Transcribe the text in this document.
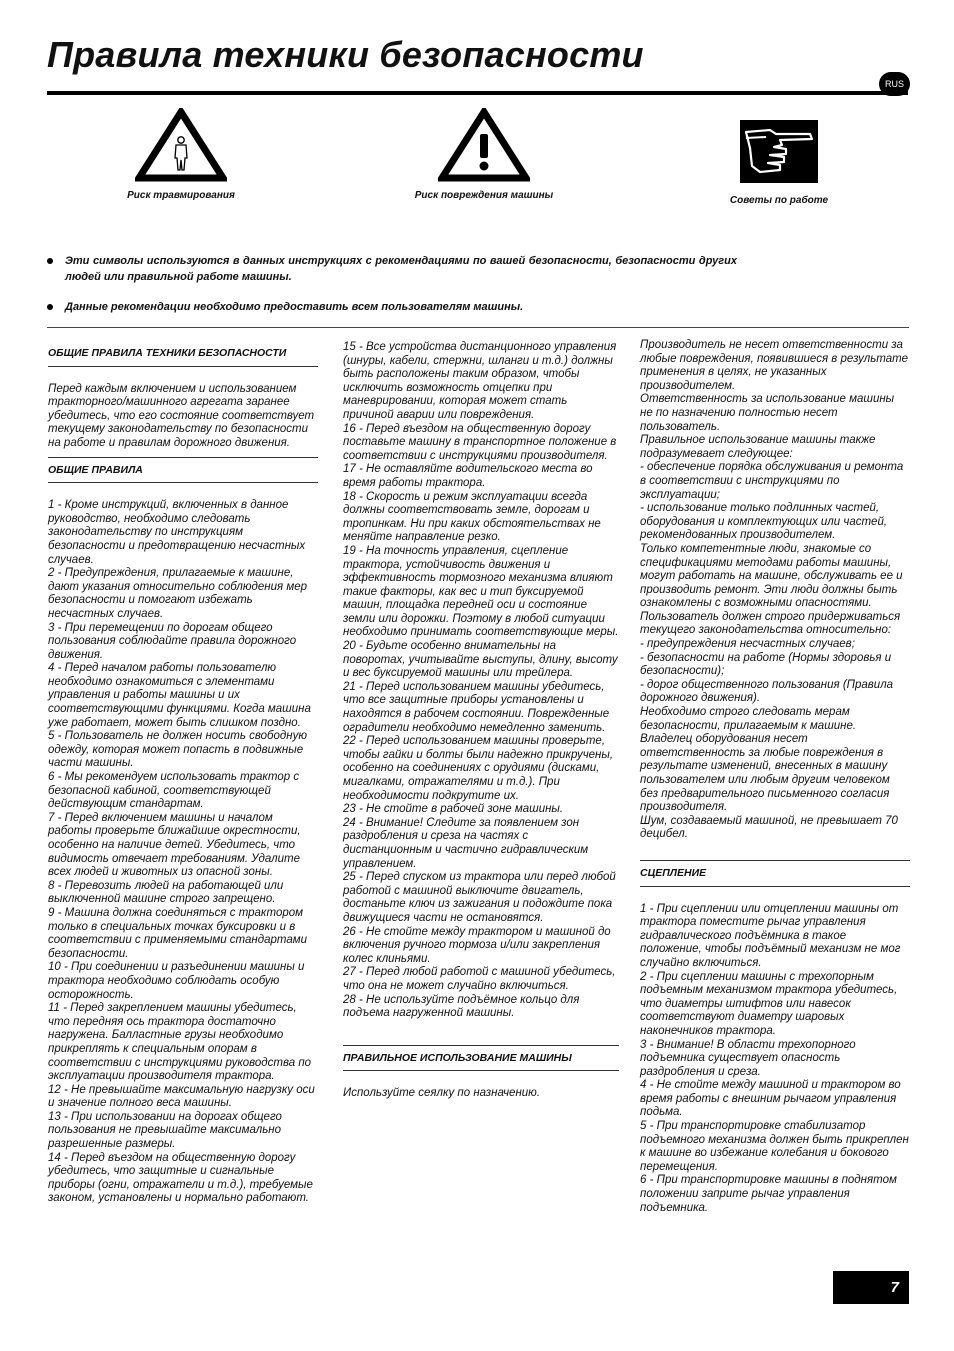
Правила техники безопасности
RUS
Риск травмирования	Риск повреждения машины	Советы по работе
Эти символы используются в данных инструкциях с рекомендациями по вашей безопасности, безопасности других людей или правильной работе машины.
Данные рекомендации необходимо предоставить всем пользователям машины.
ОБЩИЕ ПРАВИЛА ТЕХНИКИ БЕЗОПАСНОСТИ

Перед каждым включением и использованием тракторного/машинного агрегата заранее убедитесь, что его состояние соответствует текущему законодательству по безопасности на работе и правилам дорожного движения.

ОБЩИЕ ПРАВИЛА

1 - Кроме инструкций, включенных в данное руководство, необходимо следовать законодательству по инструкциям безопасности и предотвращению несчастных случаев.

2 - Предупреждения, прилагаемые к машине, дают указания относительно соблюдения мер безопасности и помогают избежать несчастных случаев.

3 - При перемещении по дорогам общего пользования соблюдайте правила дорожного движения.

4 - Перед началом работы пользователю необходимо ознакомиться с элементами управления и работы машины и их соответствующими функциями. Когда машина уже работает, может быть слишком поздно.

5 - Пользователь не должен носить свободную одежду, которая может попасть в подвижные части машины.

6 - Мы рекомендуем использовать трактор с безопасной кабиной, соответствующей действующим стандартам.

7 - Перед включением машины и началом работы проверьте ближайшие окрестности, особенно на наличие детей. Убедитесь, что видимость отвечает требованиям. Удалите всех людей и животных из опасной зоны.

8 - Перевозить людей на работающей или выключенной машине строго запрещено.

9 - Машина должна соединяться с трактором только в специальных точках буксировки и в соответствии с применяемыми стандартами безопасности.

10 - При соединении и разъединении машины и трактора необходимо соблюдать особую осторожность.

11 - Перед закреплением машины убедитесь, что передняя ось трактора достаточно нагружена. Балластные грузы необходимо прикреплять к специальным опорам в соответствии с инструкциями руководства по эксплуатации производителя трактора.

12 - Не превышайте максимальную нагрузку оси и значение полного веса машины.

13 - При использовании на дорогах общего пользования не превышайте максимально разрешенные размеры.

14 - Перед въездом на общественную дорогу убедитесь, что защитные и сигнальные приборы (огни, отражатели и т.д.), требуемые законом, установлены и нормально работают.

15 - Все устройства дистанционного управления (шнуры, кабели, стержни, шланги и т.д.) должны быть расположены таким образом, чтобы исключить возможность отцепки при маневрировании, которая может стать причиной аварии или повреждения.

16 - Перед въездом на общественную дорогу поставьте машину в транспортное положение в соответствии с инструкциями производителя.

17 - Не оставляйте водительского места во время работы трактора.

18 - Скорость и режим эксплуатации всегда должны соответствовать земле, дорогам и тропинкам. Ни при каких обстоятельствах не меняйте направление резко.

19 - На точность управления, сцепление трактора, устойчивость движения и эффективность тормозного механизма влияют такие факторы, как вес и тип буксируемой машин, площадка передней оси и состояние земли или дорожки. Поэтому в любой ситуации необходимо принимать соответствующие меры.

20 - Будьте особенно внимательны на поворотах, учитывайте выступы, длину, высоту и вес буксируемой машины или трейлера.

21 - Перед использованием машины убедитесь, что все защитные приборы установлены и находятся в рабочем состоянии. Поврежденные оградители необходимо немедленно заменить.

22 - Перед использованием машины проверьте, чтобы гайки и болты были надежно прикручены, особенно на соединениях с орудиями (дисками, мигалками, отражателями и т.д.). При необходимости подкрутите их.

23 - Не стойте в рабочей зоне машины.

24 - Внимание! Следите за появлением зон раздробления и среза на частях с дистанционным и частично гидравлическим управлением.

25 - Перед спуском из трактора или перед любой работой с машиной выключите двигатель, достаньте ключ из зажигания и подождите пока движущиеся части не остановятся.

26 - Не стойте между трактором и машиной до включения ручного тормоза и/или закрепления колес клиньями.

27 - Перед любой работой с машиной убедитесь, что она не может случайно включиться.

28 - Не используйте подъёмное кольцо для подъема нагруженной машины.

ПРАВИЛЬНОЕ ИСПОЛЬЗОВАНИЕ МАШИНЫ

Используйте сеялку по назначению.

Производитель не несет ответственности за любые повреждения, появившиеся в результате применения в целях, не указанных производителем.

Ответственность за использование машины не по назначению полностью несет пользователь.

Правильное использование машины также подразумевает следующее:

- обеспечение порядка обслуживания и ремонта в соответствии с инструкциями по эксплуатации;

- использование только подлинных частей, оборудования и комплектующих или частей, рекомендованных производителем.

Только компетентные люди, знакомые со спецификациями методами работы машины, могут работать на машине, обслуживать ее и производить ремонт. Эти люди должны быть ознакомлены с возможными опасностями. Пользователь должен строго придерживаться текущего законодательства относительно:

- предупреждения несчастных случаев;

- безопасности на работе (Нормы здоровья и безопасности);

- дорог общественного пользования (Правила дорожного движения).

Необходимо строго следовать мерам безопасности, прилагаемым к машине.

Владелец оборудования несет ответственность за любые повреждения в результате изменений, внесенных в машину пользователем или любым другим человеком без предварительного письменного согласия производителя.

Шум, создаваемый машиной, не превышает 70 децибел.

СЦЕПЛЕНИЕ

1 - При сцеплении или отцеплении машины от трактора поместите рычаг управления гидравлического подъёмника в такое положение, чтобы подъёмный механизм не мог случайно включиться.

2 - При сцеплении машины с трехопорным подъемным механизмом трактора убедитесь, что диаметры штифтов или навесок соответствуют диаметру шаровых наконечников трактора.

3 - Внимание! В области трехопорного подъемника существует опасность раздробления и среза.

4 - Не стойте между машиной и трактором во время работы с внешним рычагом управления подьма.

5 - При транспортировке стабилизатор подъемного механизма должен быть прикреплен к машине во избежание колебания и бокового перемещения.

6 - При транспортировке машины в поднятом положении заприте рычаг управления подъемника.

7
